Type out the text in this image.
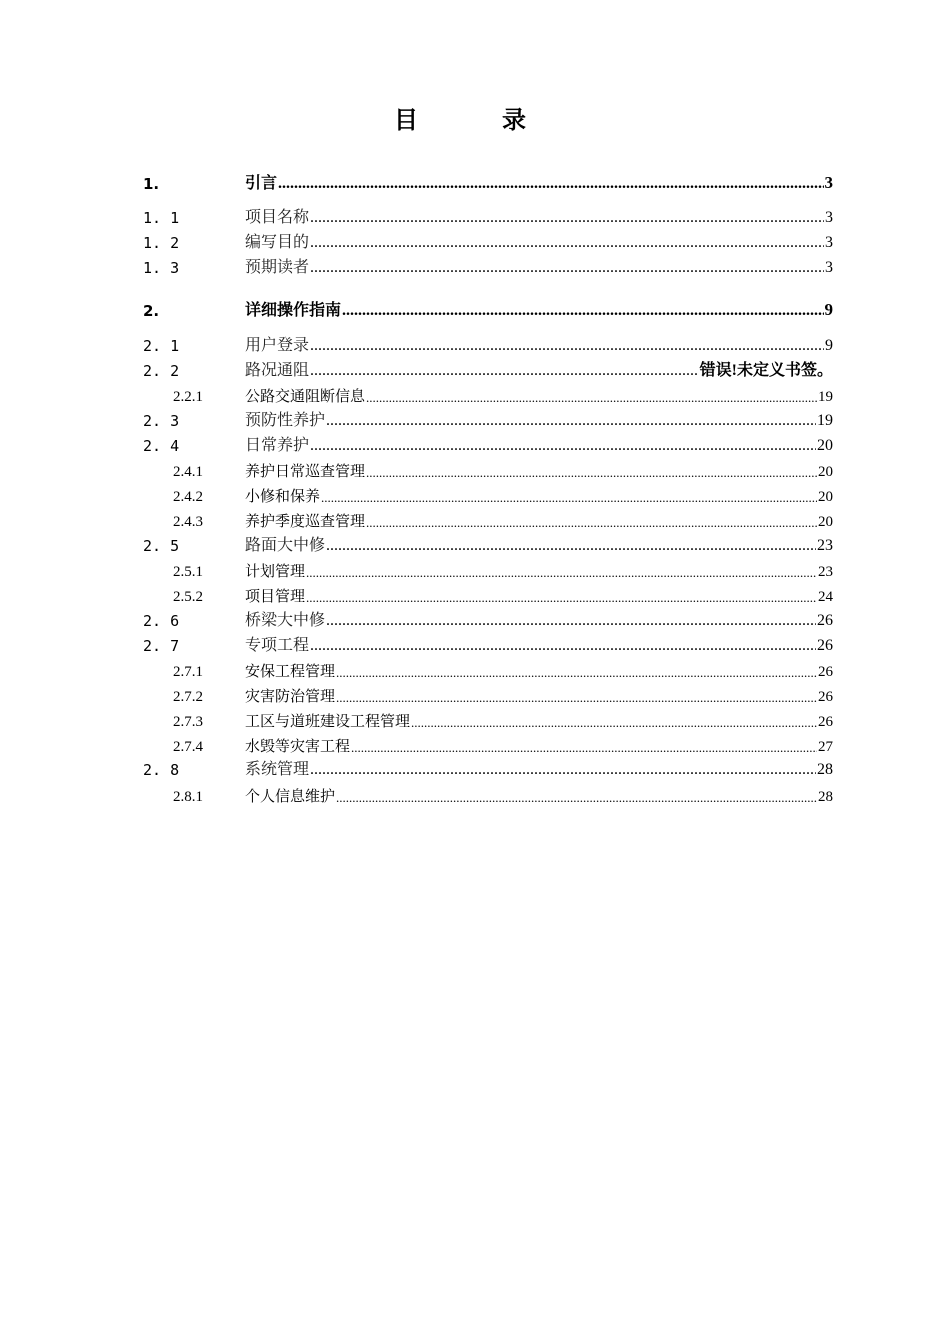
目　录
1.	引言 .....	3
1. 1	项目名称 .....	3
1. 2	编写目的 .....	3
1. 3	预期读者 .....	3
2.	详细操作指南 .....	9
2. 1	用户登录 .....	9
2. 2	路况通阻 .....	错误!未定义书签。
2.2.1	公路交通阻断信息 .....	19
2. 3	预防性养护 .....	19
2. 4	日常养护 .....	20
2.4.1	养护日常巡查管理 .....	20
2.4.2	小修和保养 .....	20
2.4.3	养护季度巡查管理 .....	20
2. 5	路面大中修 .....	23
2.5.1	计划管理 .....	23
2.5.2	项目管理 .....	24
2. 6	桥梁大中修 .....	26
2. 7	专项工程 .....	26
2.7.1	安保工程管理 .....	26
2.7.2	灾害防治管理 .....	26
2.7.3	工区与道班建设工程管理 .....	26
2.7.4	水毁等灾害工程 .....	27
2. 8	系统管理 .....	28
2.8.1	个人信息维护 .....	28
